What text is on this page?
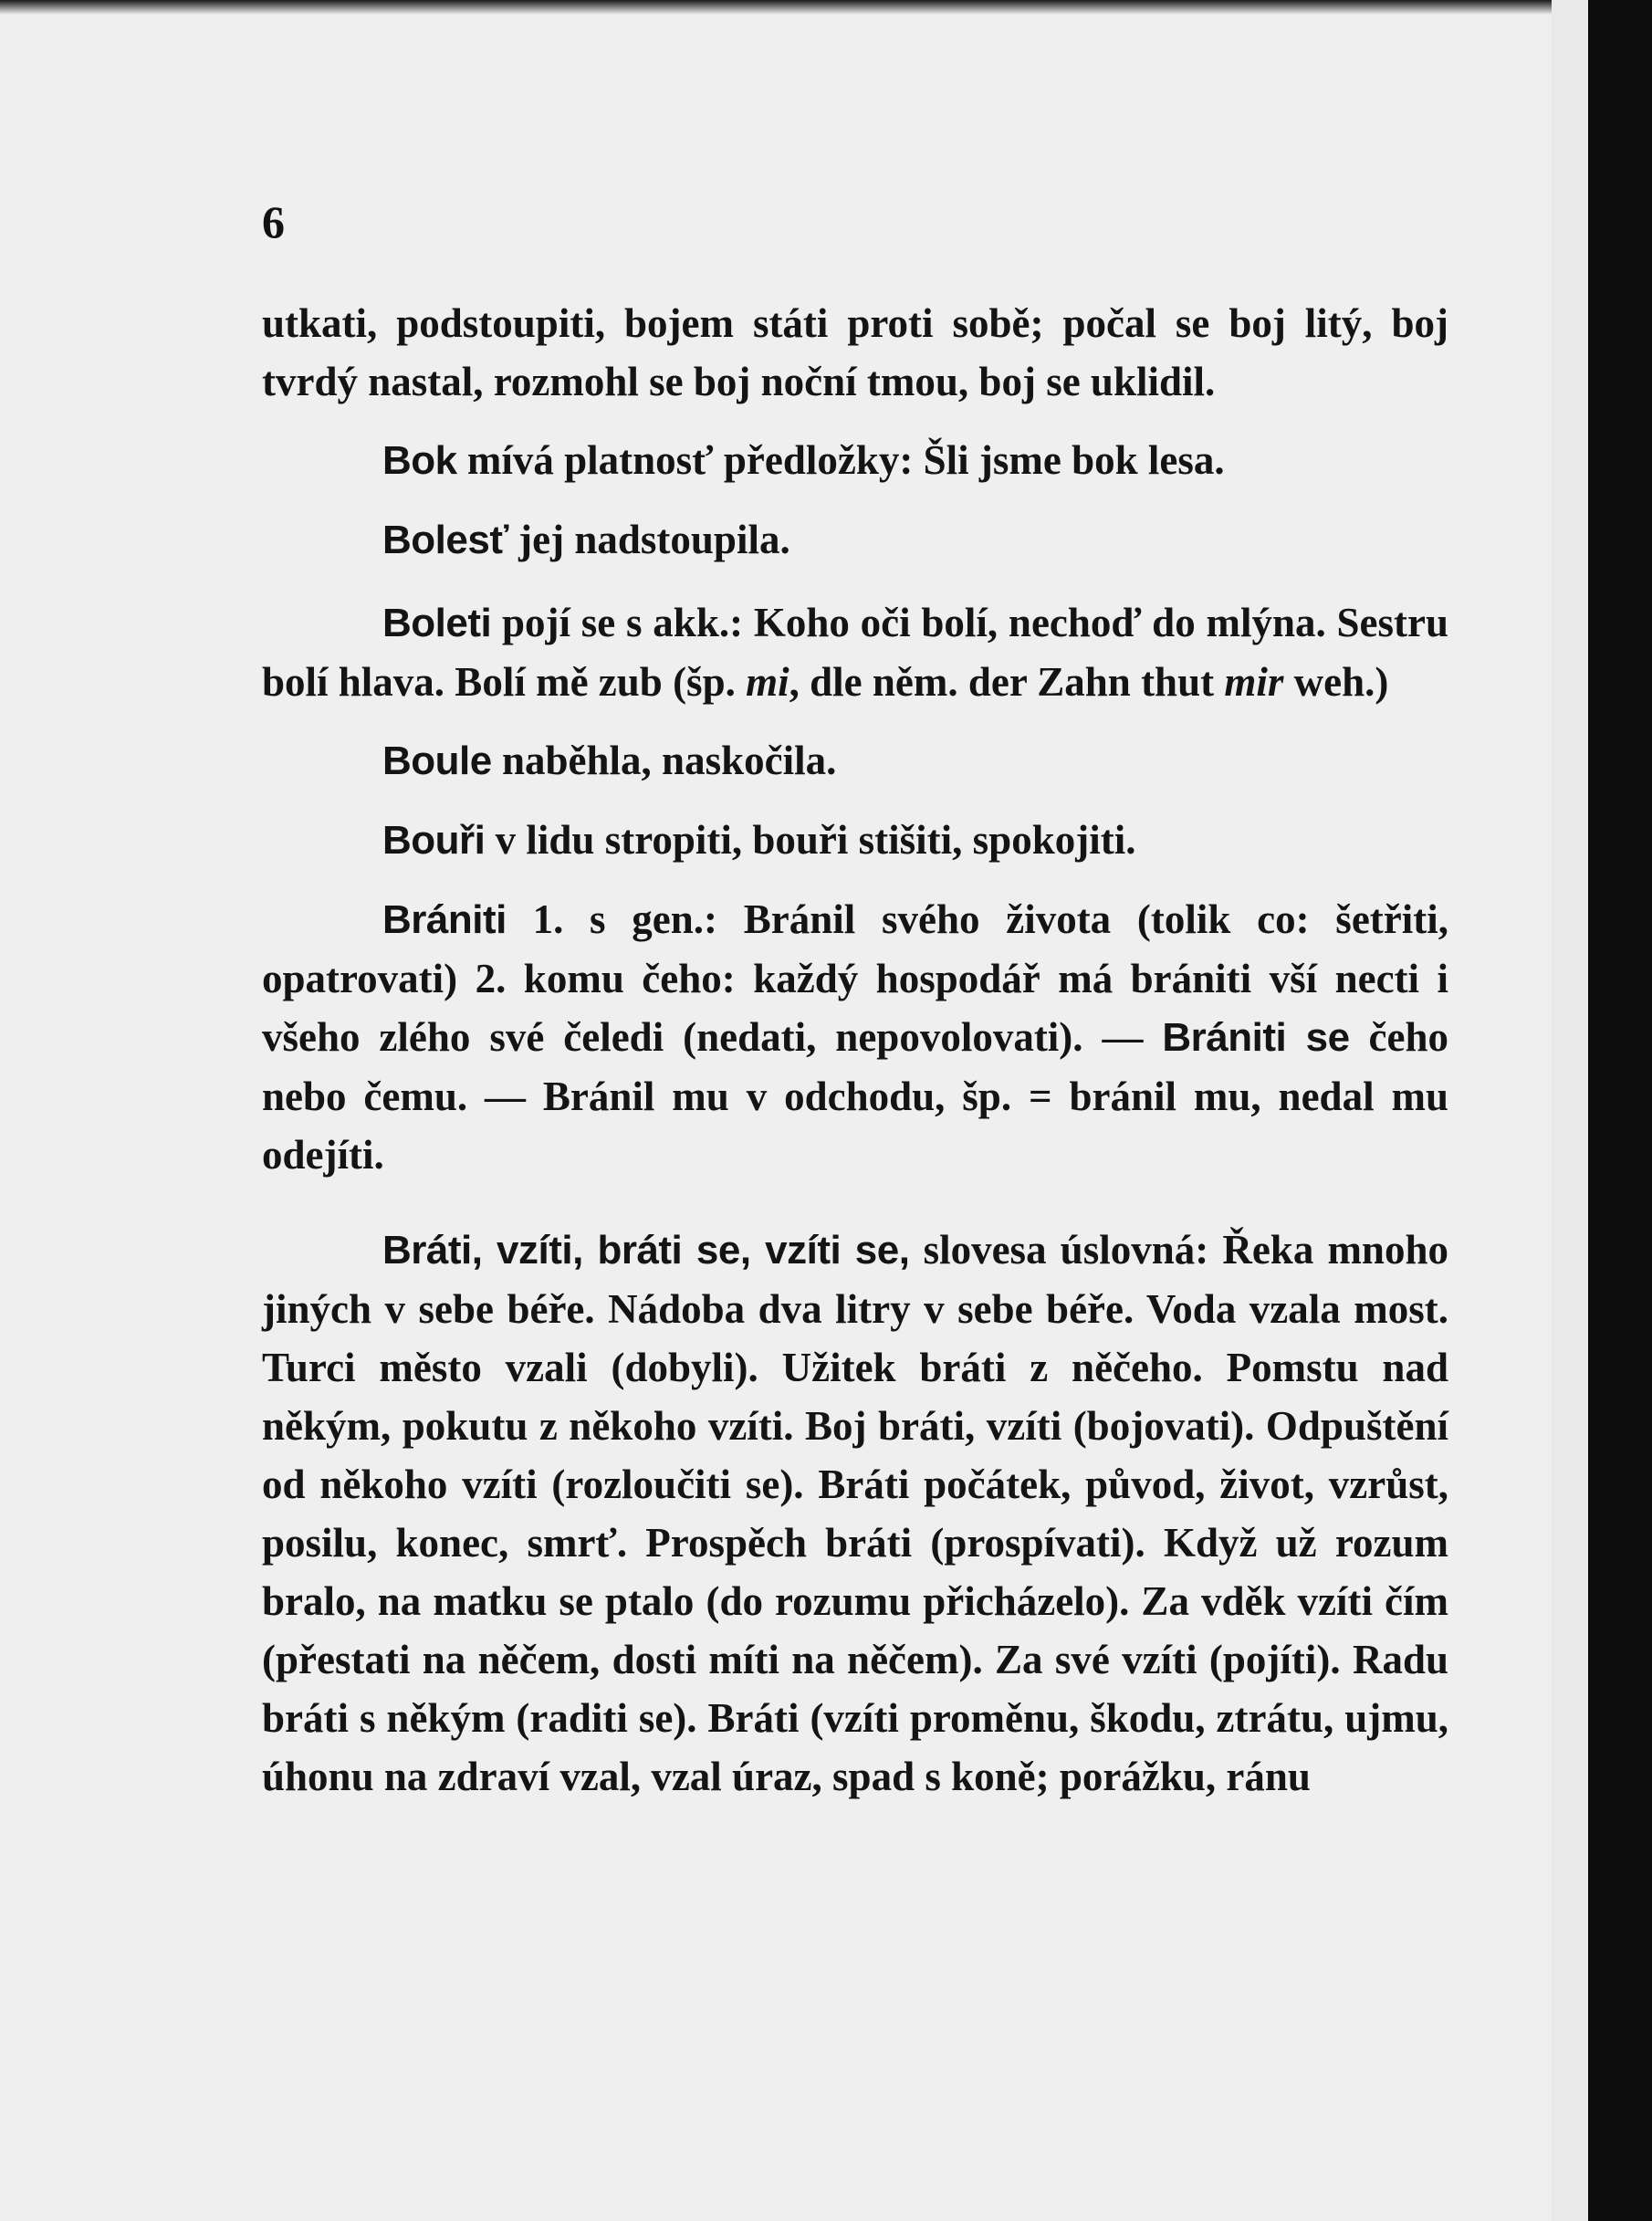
6

utkati, podstoupiti, bojem státi proti sobě; počal se boj litý, boj tvrdý nastal, rozmohl se boj noční tmou, boj se uklidil.

Bok mívá platnosť předložky: Šli jsme bok lesa.

Bolesť jej nadstoupila.

Boleti pojí se s akk.: Koho oči bolí, nechoď do mlýna. Sestru bolí hlava. Bolí mě zub (šp. mi, dle něm. der Zahn thut mir weh.)

Boule naběhla, naskočila.

Bouři v lidu stropiti, bouři stišiti, spokojiti.

Brániti 1. s gen.: Bránil svého života (tolik co: šetřiti, opatrovati) 2. komu čeho: každý hospodář má brániti vší necti i všeho zlého své čeledi (nedati, nepovolovati). — Brániti se čeho nebo čemu. — Bránil mu v odchodu, šp. = bránil mu, nedal mu odejíti.

Bráti, vzíti, bráti se, vzíti se, slovesa úslovná: Řeka mnoho jiných v sebe béře. Nádoba dva litry v sebe béře. Voda vzala most. Turci město vzali (dobyli). Užitek bráti z něčeho. Pomstu nad někým, pokutu z někoho vzíti. Boj bráti, vzíti (bojovati). Odpuštění od někoho vzíti (rozloučiti se). Bráti počátek, původ, život, vzrůst, posilu, konec, smrť. Prospěch bráti (prospívati). Když už rozum bralo, na matku se ptalo (do rozumu přicházelo). Za vděk vzíti čím (přestati na něčem, dosti míti na něčem). Za své vzíti (pojíti). Radu bráti s někým (raditi se). Bráti (vzíti proměnu, škodu, ztrátu, ujmu, úhonu na zdraví vzal, vzal úraz, spad s koně; porážku, ránu
